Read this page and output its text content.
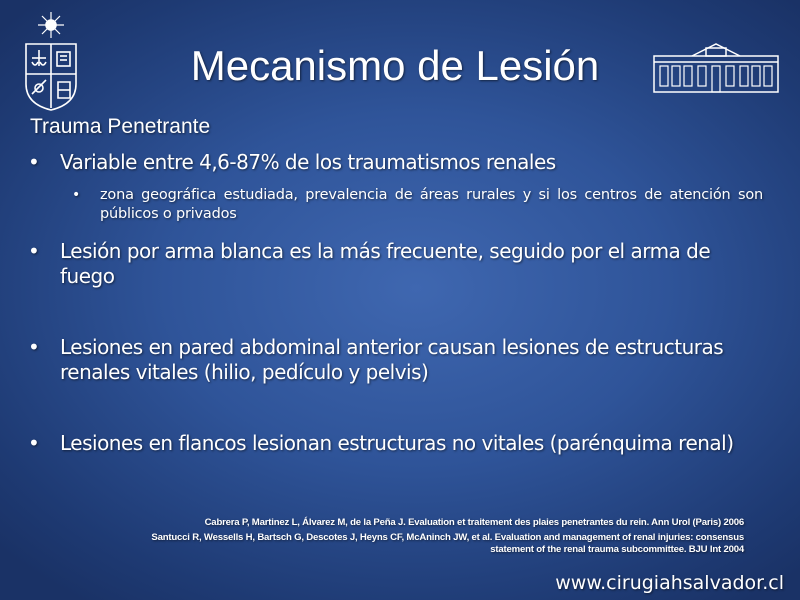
Mecanismo de Lesión
Trauma Penetrante
• Variable entre 4,6-87% de los traumatismos renales
• zona geográfica estudiada, prevalencia de áreas rurales y si los centros de atención son públicos o privados
• Lesión por arma blanca es la más frecuente, seguido por el arma de fuego
• Lesiones en pared abdominal anterior causan lesiones de estructuras renales vitales (hilio, pedículo y pelvis)
• Lesiones en flancos lesionan estructuras no vitales (parénquima renal)
Cabrera P, Martinez L, Álvarez M, de la Peña J. Evaluation et traitement des plaies penetrantes du rein. Ann Urol (Paris) 2006
Santucci R, Wessells H, Bartsch G, Descotes J, Heyns CF, McAninch JW, et al. Evaluation and management of renal injuries: consensus
statement of the renal trauma subcommittee. BJU Int 2004
www.cirugiahsalvador.cl
